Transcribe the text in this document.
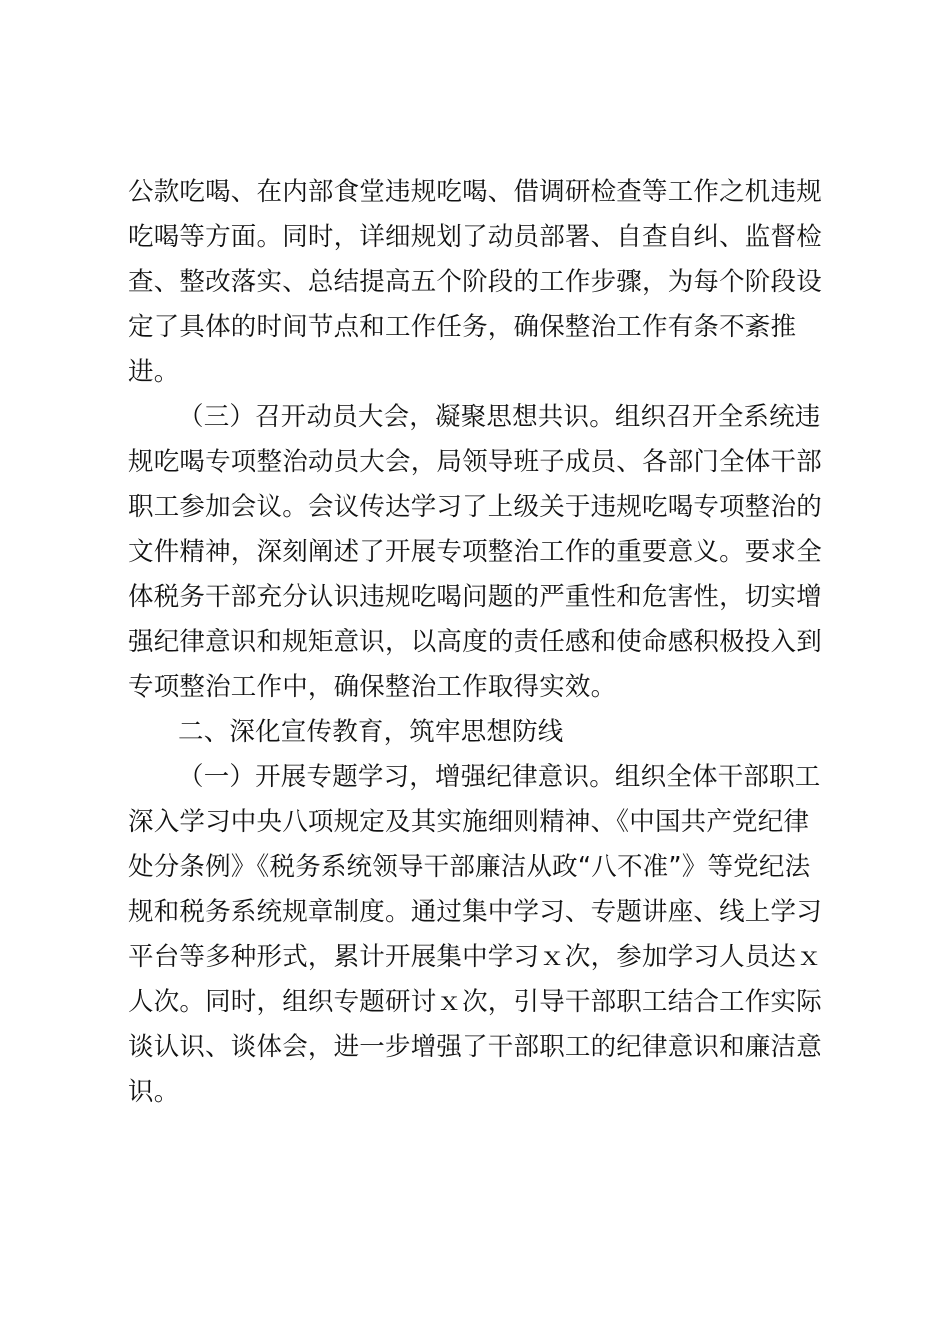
公款吃喝、在内部食堂违规吃喝、借调研检查等工作之机违规
吃喝等方面。同时，详细规划了动员部署、自查自纠、监督检
查、整改落实、总结提高五个阶段的工作步骤，为每个阶段设
定了具体的时间节点和工作任务，确保整治工作有条不紊推
进。
（三）召开动员大会，凝聚思想共识。组织召开全系统违
规吃喝专项整治动员大会，局领导班子成员、各部门全体干部
职工参加会议。会议传达学习了上级关于违规吃喝专项整治的
文件精神，深刻阐述了开展专项整治工作的重要意义。要求全
体税务干部充分认识违规吃喝问题的严重性和危害性，切实增
强纪律意识和规矩意识，以高度的责任感和使命感积极投入到
专项整治工作中，确保整治工作取得实效。
二、深化宣传教育，筑牢思想防线
（一）开展专题学习，增强纪律意识。组织全体干部职工
深入学习中央八项规定及其实施细则精神、《中国共产党纪律
处分条例》《税务系统领导干部廉洁从政“八不准”》等党纪法
规和税务系统规章制度。通过集中学习、专题讲座、线上学习
平台等多种形式，累计开展集中学习ｘ次，参加学习人员达ｘ
人次。同时，组织专题研讨ｘ次，引导干部职工结合工作实际
谈认识、谈体会，进一步增强了干部职工的纪律意识和廉洁意
识。
